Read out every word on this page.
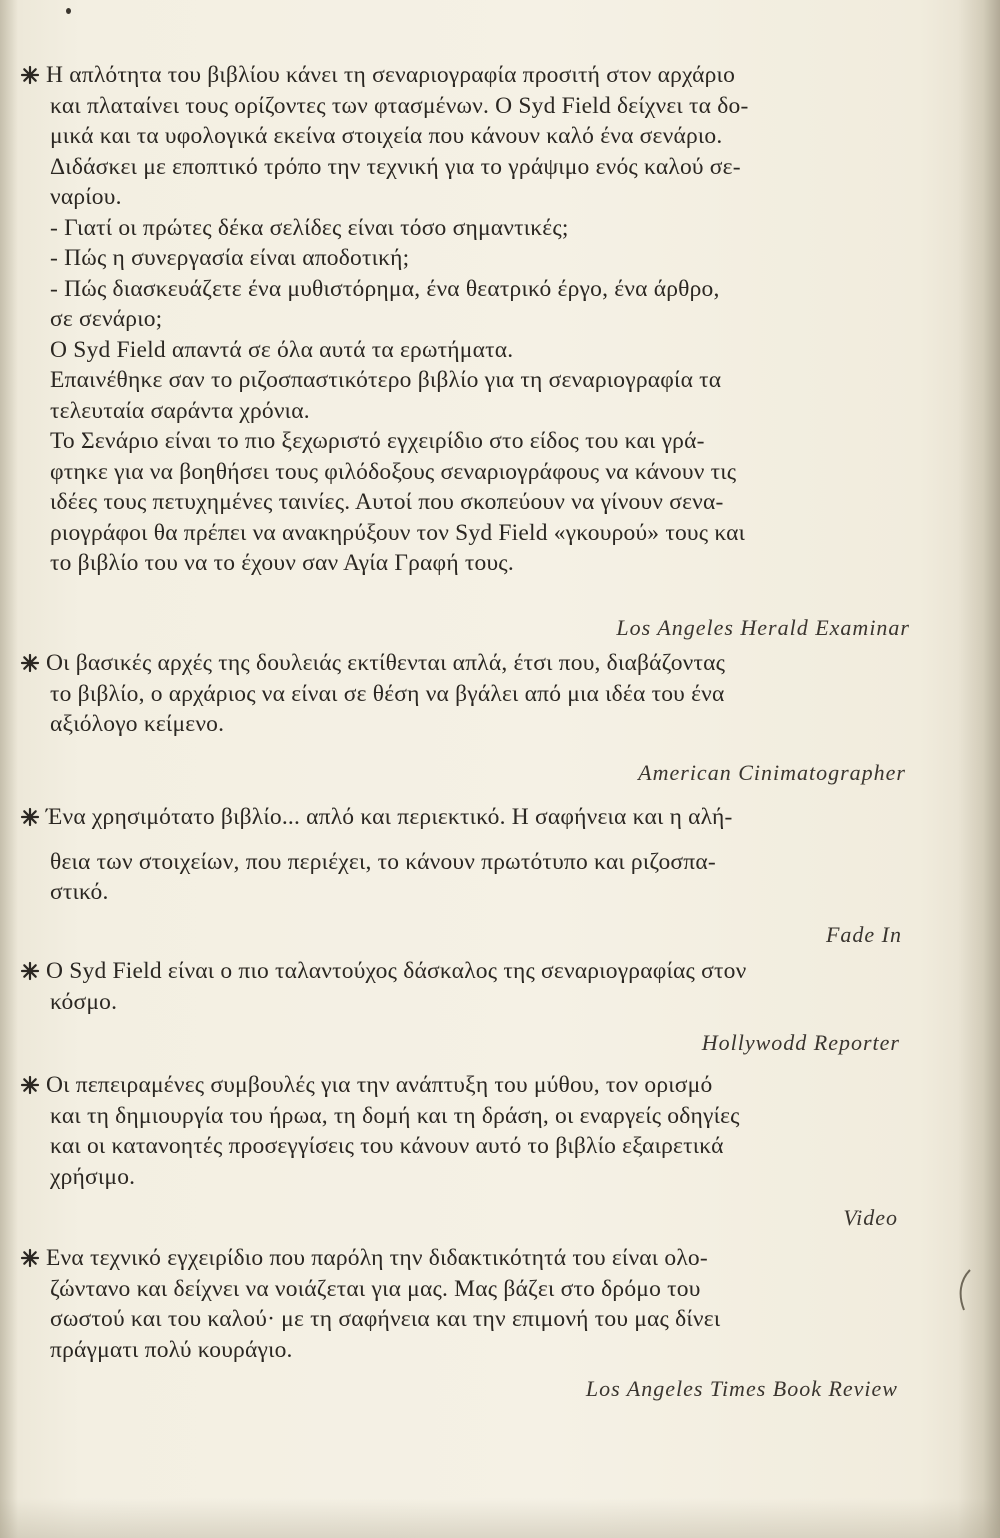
Η απλότητα του βιβλίου κάνει τη σεναριογραφία προσιτή στον αρχάριο

και πλαταίνει τους ορίζοντες των φτασμένων. Ο Syd Field δείχνει τα δο-

μικά και τα υφολογικά εκείνα στοιχεία που κάνουν καλό ένα σενάριο.

Διδάσκει με εποπτικό τρόπο την τεχνική για το γράψιμο ενός καλού σε-

ναρίου.

- Γιατί οι πρώτες δέκα σελίδες είναι τόσο σημαντικές;

- Πώς η συνεργασία είναι αποδοτική;

- Πώς διασκευάζετε ένα μυθιστόρημα, ένα θεατρικό έργο, ένα άρθρο,

σε σενάριο;

Ο Syd Field απαντά σε όλα αυτά τα ερωτήματα.

Επαινέθηκε σαν το ριζοσπαστικότερο βιβλίο για τη σεναριογραφία τα

τελευταία σαράντα χρόνια.

Το Σενάριο είναι το πιο ξεχωριστό εγχειρίδιο στο είδος του και γρά-

φτηκε για να βοηθήσει τους φιλόδοξους σεναριογράφους να κάνουν τις

ιδέες τους πετυχημένες ταινίες. Αυτοί που σκοπεύουν να γίνουν σενα-

ριογράφοι θα πρέπει να ανακηρύξουν τον Syd Field «γκουρού» τους και

το βιβλίο του να το έχουν σαν Αγία Γραφή τους.

Los Angeles Herald Examinar

Οι βασικές αρχές της δουλειάς εκτίθενται απλά, έτσι που, διαβάζοντας

το βιβλίο, ο αρχάριος να είναι σε θέση να βγάλει από μια ιδέα του ένα

αξιόλογο κείμενο.

American Cinimatographer

Ένα χρησιμότατο βιβλίο... απλό και περιεκτικό. Η σαφήνεια και η αλή-

θεια των στοιχείων, που περιέχει, το κάνουν πρωτότυπο και ριζοσπα-

στικό.

Fade In

Ο Syd Field είναι ο πιο ταλαντούχος δάσκαλος της σεναριογραφίας στον

κόσμο.

Hollywodd Reporter

Οι πεπειραμένες συμβουλές για την ανάπτυξη του μύθου, τον ορισμό

και τη δημιουργία του ήρωα, τη δομή και τη δράση, οι εναργείς οδηγίες

και οι κατανοητές προσεγγίσεις του κάνουν αυτό το βιβλίο εξαιρετικά

χρήσιμο.

Video

Ενα τεχνικό εγχειρίδιο που παρόλη την διδακτικότητά του είναι ολο-

ζώντανο και δείχνει να νοιάζεται για μας. Μας βάζει στο δρόμο του

σωστού και του καλού· με τη σαφήνεια και την επιμονή του μας δίνει

πράγματι πολύ κουράγιο.

Los Angeles Times Book Review
